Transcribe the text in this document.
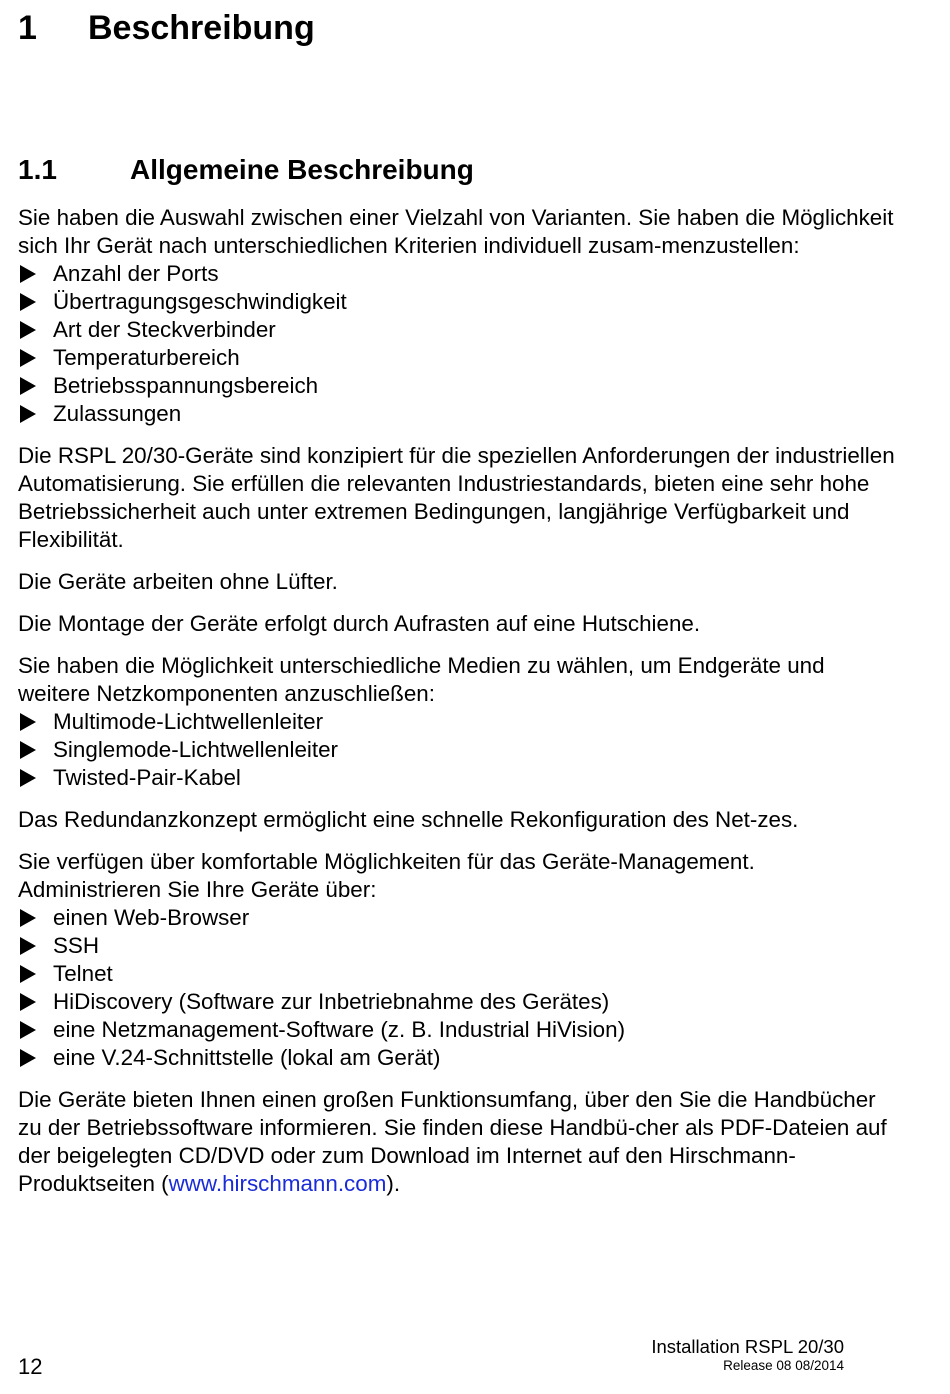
1 Beschreibung
1.1	Allgemeine Beschreibung

Sie haben die Auswahl zwischen einer Vielzahl von Varianten. Sie haben die Möglichkeit sich Ihr Gerät nach unterschiedlichen Kriterien individuell zusam-menzustellen:

Anzahl der Ports
Übertragungsgeschwindigkeit
Art der Steckverbinder
Temperaturbereich
Betriebsspannungsbereich
Zulassungen

Die RSPL 20/30-Geräte sind konzipiert für die speziellen Anforderungen der industriellen Automatisierung. Sie erfüllen die relevanten Industriestandards, bieten eine sehr hohe Betriebssicherheit auch unter extremen Bedingungen, langjährige Verfügbarkeit und Flexibilität.

Die Geräte arbeiten ohne Lüfter.

Die Montage der Geräte erfolgt durch Aufrasten auf eine Hutschiene.

Sie haben die Möglichkeit unterschiedliche Medien zu wählen, um Endgeräte und weitere Netzkomponenten anzuschließen:

Multimode-Lichtwellenleiter
Singlemode-Lichtwellenleiter
Twisted-Pair-Kabel

Das Redundanzkonzept ermöglicht eine schnelle Rekonfiguration des Net-zes.

Sie verfügen über komfortable Möglichkeiten für das Geräte-Management. Administrieren Sie Ihre Geräte über:

einen Web-Browser
SSH
Telnet
HiDiscovery (Software zur Inbetriebnahme des Gerätes)
eine Netzmanagement-Software (z. B. Industrial HiVision)
eine V.24-Schnittstelle (lokal am Gerät)

Die Geräte bieten Ihnen einen großen Funktionsumfang, über den Sie die Handbücher zu der Betriebssoftware informieren. Sie finden diese Handbü-cher als PDF-Dateien auf der beigelegten CD/DVD oder zum Download im Internet auf den Hirschmann-Produktseiten (www.hirschmann.com).

12
Installation RSPL 20/30
Release 08 08/2014
